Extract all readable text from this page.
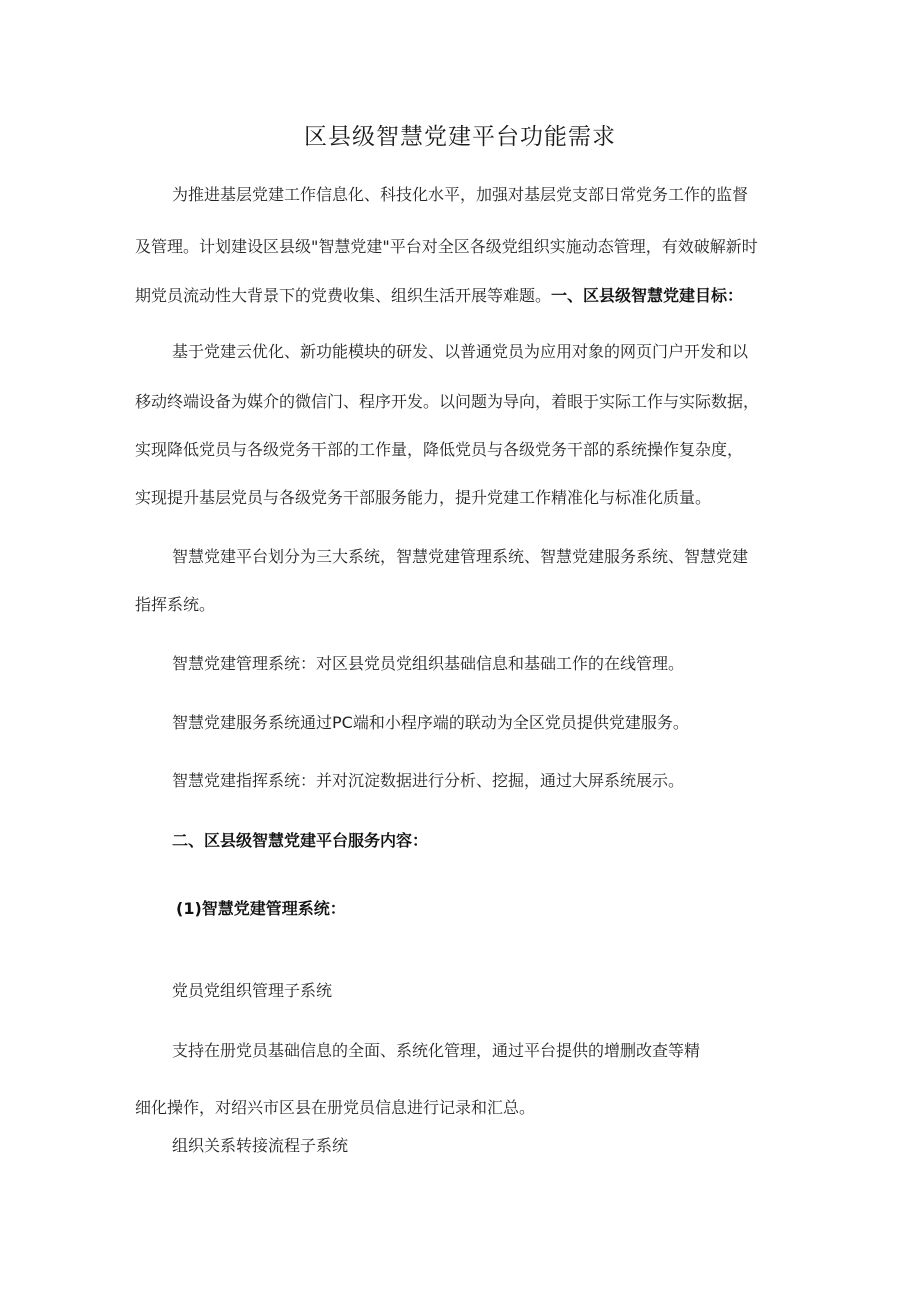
区县级智慧党建平台功能需求
为推进基层党建工作信息化、科技化水平，加强对基层党支部日常党务工作的监督
及管理。计划建设区县级"智慧党建"平台对全区各级党组织实施动态管理，有效破解新时
期党员流动性大背景下的党费收集、组织生活开展等难题。一、区县级智慧党建目标：
基于党建云优化、新功能模块的研发、以普通党员为应用对象的网页门户开发和以
移动终端设备为媒介的微信门、程序开发。以问题为导向，着眼于实际工作与实际数据，
实现降低党员与各级党务干部的工作量，降低党员与各级党务干部的系统操作复杂度，
实现提升基层党员与各级党务干部服务能力，提升党建工作精准化与标准化质量。
智慧党建平台划分为三大系统，智慧党建管理系统、智慧党建服务系统、智慧党建
指挥系统。
智慧党建管理系统：对区县党员党组织基础信息和基础工作的在线管理。
智慧党建服务系统通过PC端和小程序端的联动为全区党员提供党建服务。
智慧党建指挥系统：并对沉淀数据进行分析、挖掘，通过大屏系统展示。
二、区县级智慧党建平台服务内容：
(1)智慧党建管理系统：
党员党组织管理子系统
支持在册党员基础信息的全面、系统化管理，通过平台提供的增删改查等精
细化操作，对绍兴市区县在册党员信息进行记录和汇总。
组织关系转接流程子系统
